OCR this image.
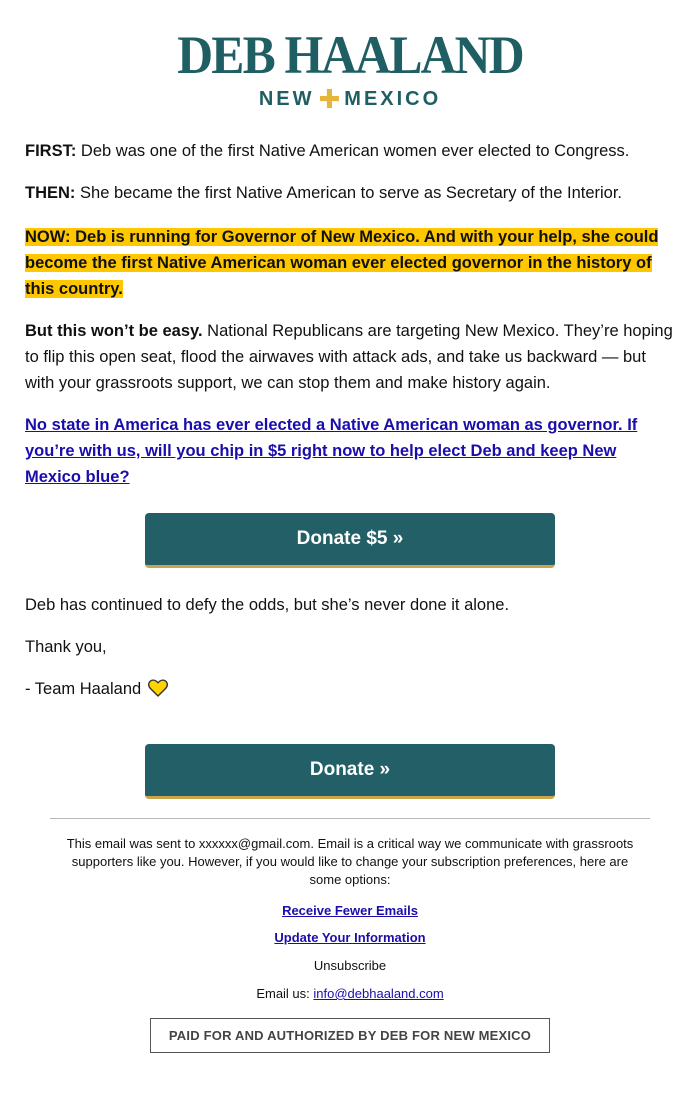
DEB HAALAND
NEW ✚ MEXICO

FIRST: Deb was one of the first Native American women ever elected to Congress.

THEN: She became the first Native American to serve as Secretary of the Interior.

NOW: Deb is running for Governor of New Mexico. And with your help, she could become the first Native American woman ever elected governor in the history of this country.

But this won’t be easy. National Republicans are targeting New Mexico. They’re hoping to flip this open seat, flood the airwaves with attack ads, and take us backward — but with your grassroots support, we can stop them and make history again.

No state in America has ever elected a Native American woman as governor. If you’re with us, will you chip in $5 right now to help elect Deb and keep New Mexico blue?

Donate $5 »
Deb has continued to defy the odds, but she’s never done it alone.
Thank you,
- Team Haaland
Donate »
This email was sent to xxxxxx@gmail.com. Email is a critical way we communicate with grassroots supporters like you. However, if you would like to change your subscription preferences, here are some options:
Receive Fewer Emails
Update Your Information
Unsubscribe
Email us: info@debhaaland.com
PAID FOR AND AUTHORIZED BY DEB FOR NEW MEXICO
